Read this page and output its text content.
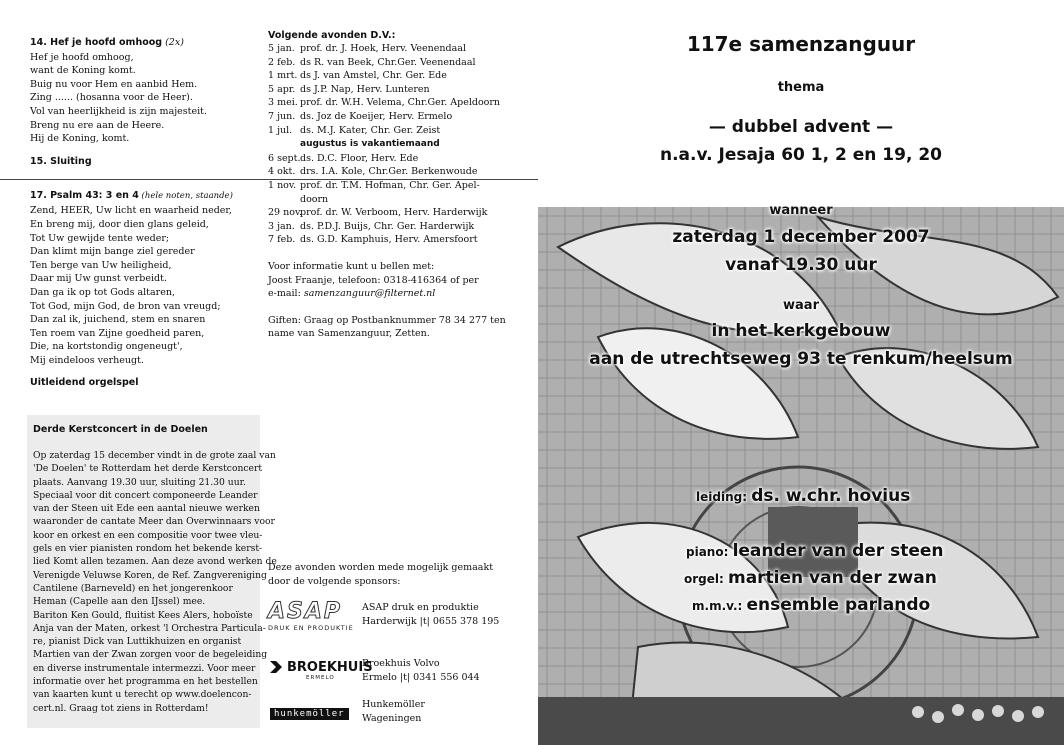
14. Hef je hoofd omhoog (2x)
Hef je hoofd omhoog,
want de Koning komt.
Buig nu voor Hem en aanbid Hem.
Zing ...... (hosanna voor de Heer).
Vol van heerlijkheid is zijn majesteit.
Breng nu ere aan de Heere.
Hij de Koning, komt.
15. Sluiting
17. Psalm 43: 3 en 4 (hele noten, staande)
Zend, HEER, Uw licht en waarheid neder,
En breng mij, door dien glans geleid,
Tot Uw gewijde tente weder;
Dan klimt mijn bange ziel gereder
Ten berge van Uw heiligheid,
Daar mij Uw gunst verbeidt.
Dan ga ik op tot Gods altaren,
Tot God, mijn God, de bron van vreugd;
Dan zal ik, juichend, stem en snaren
Ten roem van Zijne goedheid paren,
Die, na kortstondig ongeneugt',
Mij eindeloos verheugt.
Uitleidend orgelspel
Derde Kerstconcert in de Doelen
Op zaterdag 15 december vindt in de grote zaal van
'De Doelen' te Rotterdam het derde Kerstconcert
plaats. Aanvang 19.30 uur, sluiting 21.30 uur.
Speciaal voor dit concert componeerde Leander
van der Steen uit Ede een aantal nieuwe werken
waaronder de cantate Meer dan Overwinnaars voor
koor en orkest en een compositie voor twee vleu-
gels en vier pianisten rondom het bekende kerst-
lied Komt allen tezamen. Aan deze avond werken de
Verenigde Veluwse Koren, de Ref. Zangvereniging
Cantilene (Barneveld) en het jongerenkoor
Heman (Capelle aan den IJssel) mee.
Bariton Ken Gould, fluitist Kees Alers, hoboïste
Anja van der Maten, orkest 'l Orchestra Particula-
re, pianist Dick van Luttikhuizen en organist
Martien van der Zwan zorgen voor de begeleiding
en diverse instrumentale intermezzi. Voor meer
informatie over het programma en het bestellen
van kaarten kunt u terecht op www.doelencon-
cert.nl. Graag tot ziens in Rotterdam!
Volgende avonden D.V.:
5 jan. prof. dr. J. Hoek, Herv. Veenendaal
2 feb. ds R. van Beek, Chr.Ger. Veenendaal
1 mrt. ds J. van Amstel, Chr. Ger. Ede
5 apr. ds J.P. Nap, Herv. Lunteren
3 mei. prof. dr. W.H. Velema, Chr.Ger. Apeldoorn
7 jun. ds. Joz de Koeijer, Herv. Ermelo
1 jul. ds. M.J. Kater, Chr. Ger. Zeist
augustus is vakantiemaand
6 sept.ds. D.C. Floor, Herv. Ede
4 okt. drs. I.A. Kole, Chr.Ger. Berkenwoude
1 nov. prof. dr. T.M. Hofman, Chr. Ger. Apel-
doorn
29 nov.prof. dr. W. Verboom, Herv. Harderwijk
3 jan. ds. P.D.J. Buijs, Chr. Ger. Harderwijk
7 feb. ds. G.D. Kamphuis, Herv. Amersfoort
Voor informatie kunt u bellen met:
Joost Fraanje, telefoon: 0318-416364 of per
e-mail: samenzanguur@filternet.nl
Giften: Graag op Postbanknummer 78 34 277 ten
name van Samenzanguur, Zetten.
Deze avonden worden mede mogelijk gemaakt
door de volgende sponsors:
ASAP
DRUK EN PRODUKTIE
ASAP druk en produktie
Harderwijk |t| 0655 378 195
BROEKHUIS
ERMELO
Broekhuis Volvo
Ermelo |t| 0341 556 044
hunkemöller
Hunkemöller
Wageningen
117e samenzanguur
thema
— dubbel advent —
n.a.v. Jesaja 60 1, 2 en 19, 20
wanneer
zaterdag 1 december 2007
vanaf 19.30 uur
waar
in het kerkgebouw
aan de utrechtseweg 93 te renkum/heelsum
leiding: ds. w.chr. hovius
piano: leander van der steen
orgel: martien van der zwan
m.m.v.: ensemble parlando
